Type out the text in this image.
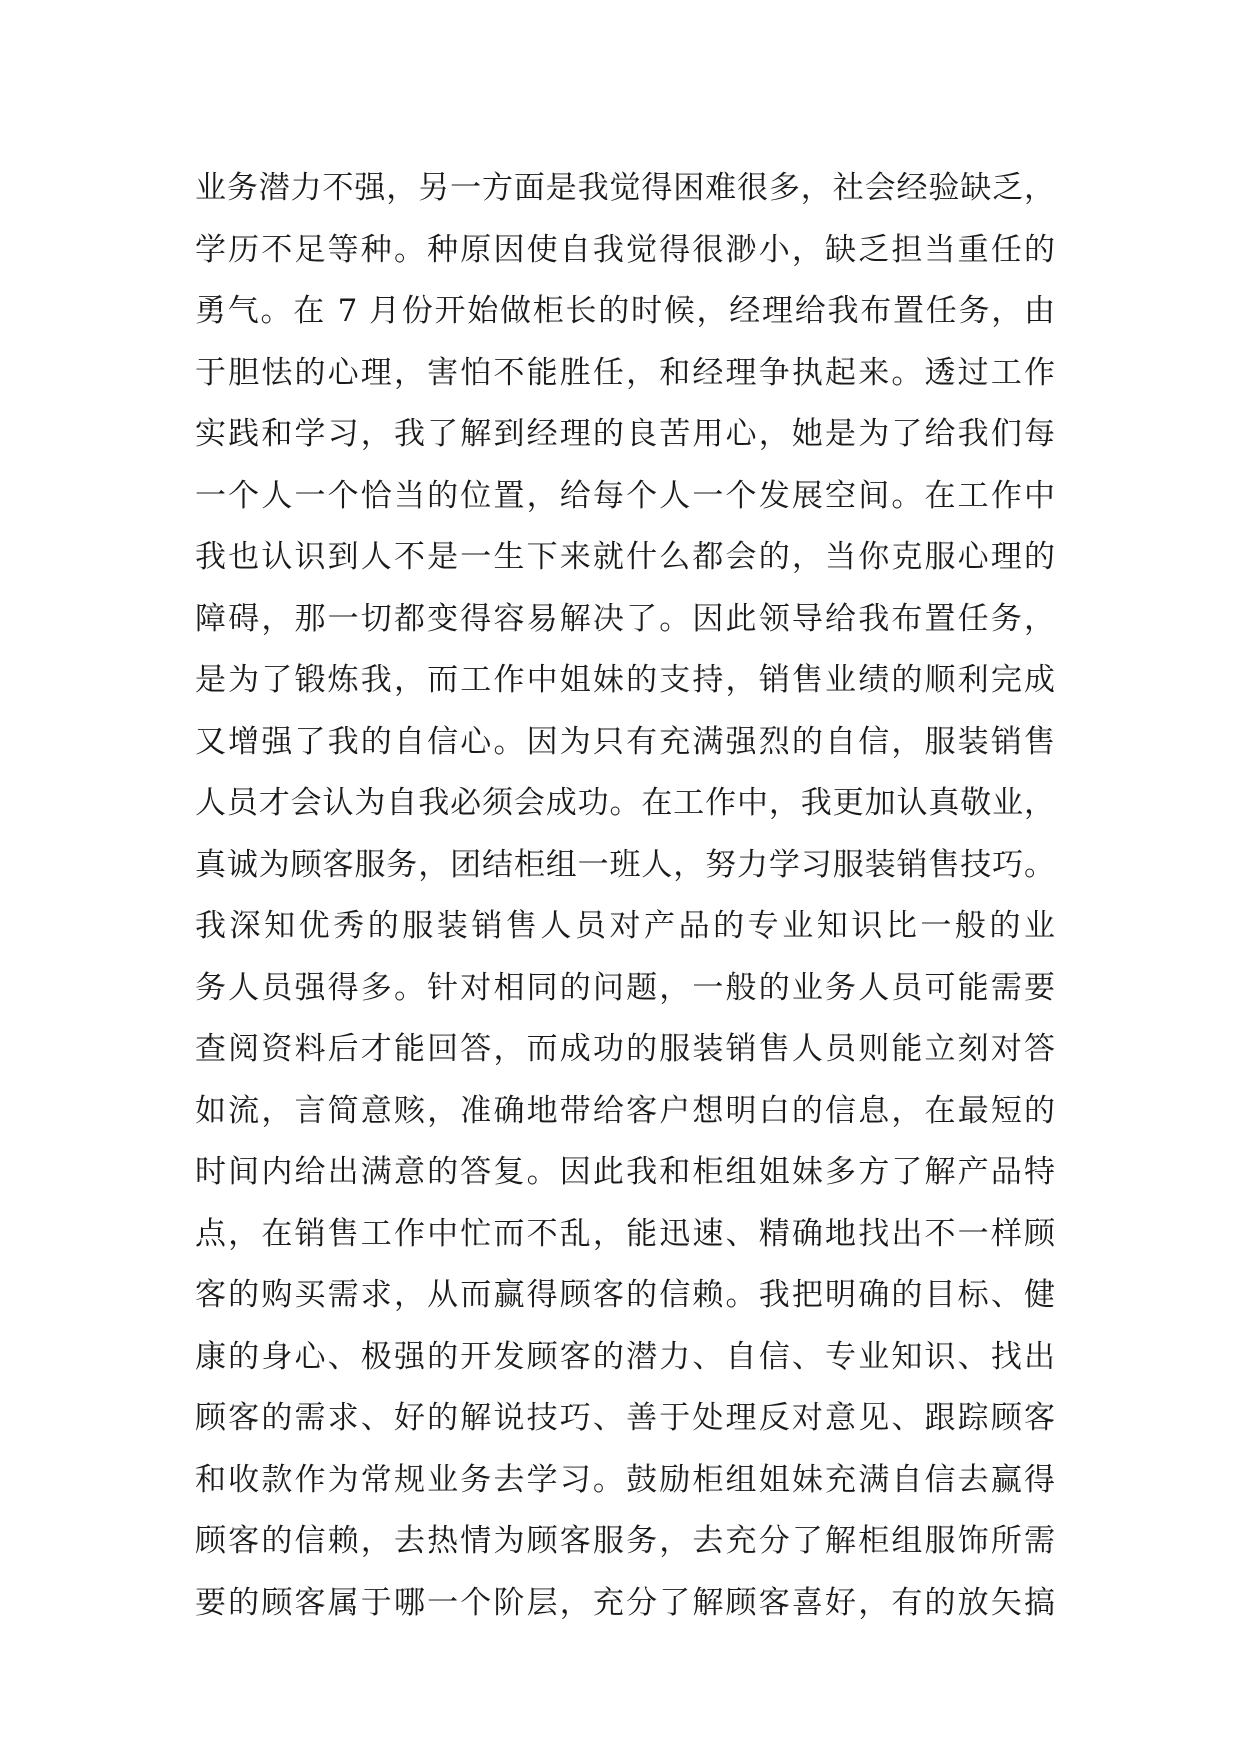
业务潜力不强，另一方面是我觉得困难很多，社会经验缺乏，
学历不足等种。种原因使自我觉得很渺小，缺乏担当重任的
勇气。在 7 月份开始做柜长的时候，经理给我布置任务，由
于胆怯的心理，害怕不能胜任，和经理争执起来。透过工作
实践和学习，我了解到经理的良苦用心，她是为了给我们每
一个人一个恰当的位置，给每个人一个发展空间。在工作中
我也认识到人不是一生下来就什么都会的，当你克服心理的
障碍，那一切都变得容易解决了。因此领导给我布置任务，
是为了锻炼我，而工作中姐妹的支持，销售业绩的顺利完成
又增强了我的自信心。因为只有充满强烈的自信，服装销售
人员才会认为自我必须会成功。在工作中，我更加认真敬业，
真诚为顾客服务，团结柜组一班人，努力学习服装销售技巧。
我深知优秀的服装销售人员对产品的专业知识比一般的业
务人员强得多。针对相同的问题，一般的业务人员可能需要
查阅资料后才能回答，而成功的服装销售人员则能立刻对答
如流，言简意赅，准确地带给客户想明白的信息，在最短的
时间内给出满意的答复。因此我和柜组姐妹多方了解产品特
点，在销售工作中忙而不乱，能迅速、精确地找出不一样顾
客的购买需求，从而赢得顾客的信赖。我把明确的目标、健
康的身心、极强的开发顾客的潜力、自信、专业知识、找出
顾客的需求、好的解说技巧、善于处理反对意见、跟踪顾客
和收款作为常规业务去学习。鼓励柜组姐妹充满自信去赢得
顾客的信赖，去热情为顾客服务，去充分了解柜组服饰所需
要的顾客属于哪一个阶层，充分了解顾客喜好，有的放矢搞
